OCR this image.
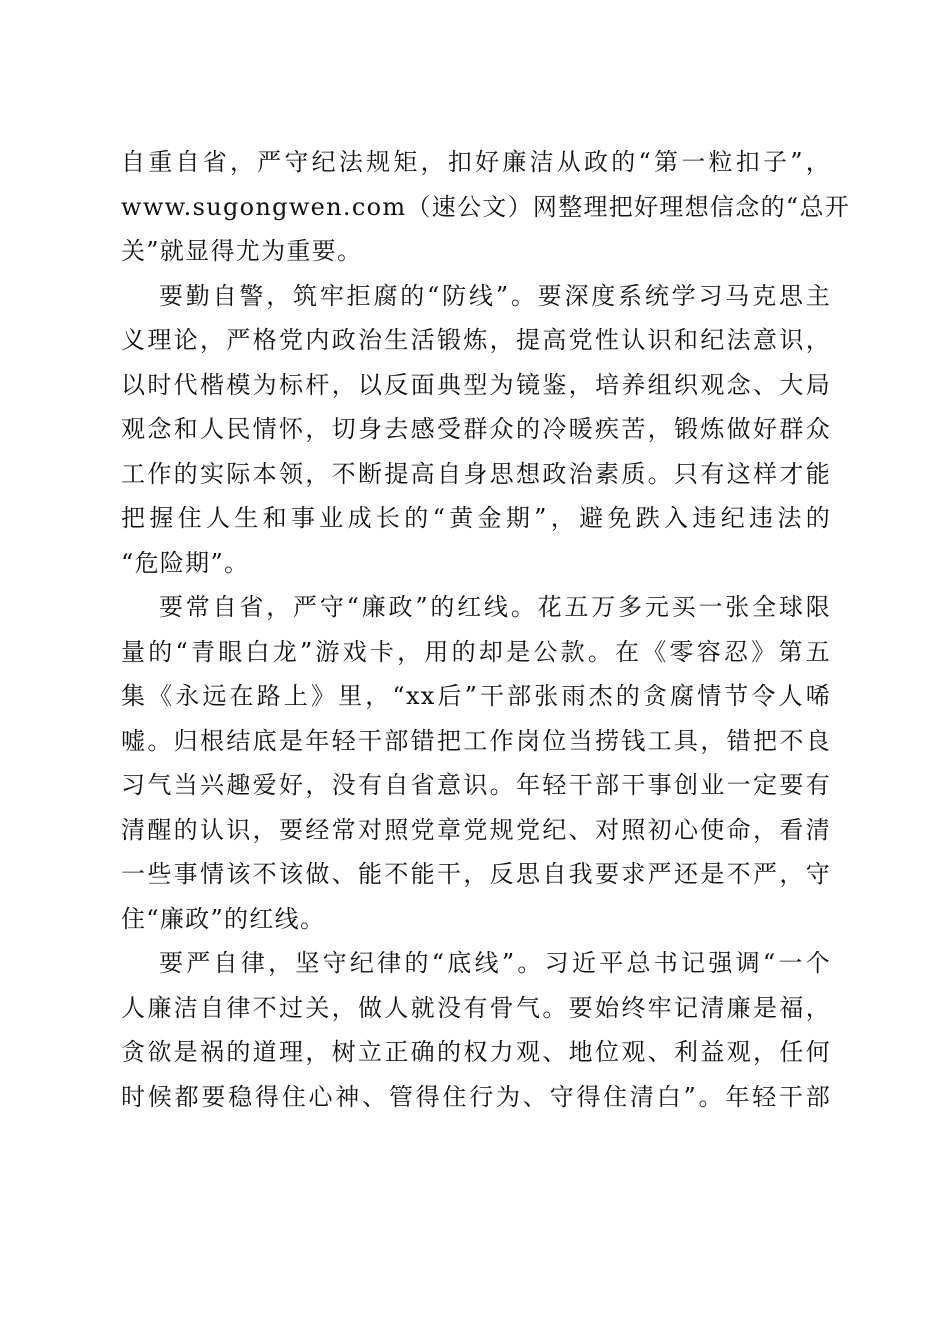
自重自省，严守纪法规矩，扣好廉洁从政的“第一粒扣子”，
www.sugongwen.com（速公文）网整理把好理想信念的“总开
关”就显得尤为重要。
要勤自警，筑牢拒腐的“防线”。要深度系统学习马克思主
义理论，严格党内政治生活锻炼，提高党性认识和纪法意识，
以时代楷模为标杆，以反面典型为镜鉴，培养组织观念、大局
观念和人民情怀，切身去感受群众的冷暖疾苦，锻炼做好群众
工作的实际本领，不断提高自身思想政治素质。只有这样才能
把握住人生和事业成长的“黄金期”，避免跌入违纪违法的
“危险期”。
要常自省，严守“廉政”的红线。花五万多元买一张全球限
量的“青眼白龙”游戏卡，用的却是公款。在《零容忍》第五
集《永远在路上》里，“xx后”干部张雨杰的贪腐情节令人唏
嘘。归根结底是年轻干部错把工作岗位当捞钱工具，错把不良
习气当兴趣爱好，没有自省意识。年轻干部干事创业一定要有
清醒的认识，要经常对照党章党规党纪、对照初心使命，看清
一些事情该不该做、能不能干，反思自我要求严还是不严，守
住“廉政”的红线。
要严自律，坚守纪律的“底线”。习近平总书记强调“一个
人廉洁自律不过关，做人就没有骨气。要始终牢记清廉是福，
贪欲是祸的道理，树立正确的权力观、地位观、利益观，任何
时候都要稳得住心神、管得住行为、守得住清白”。年轻干部
